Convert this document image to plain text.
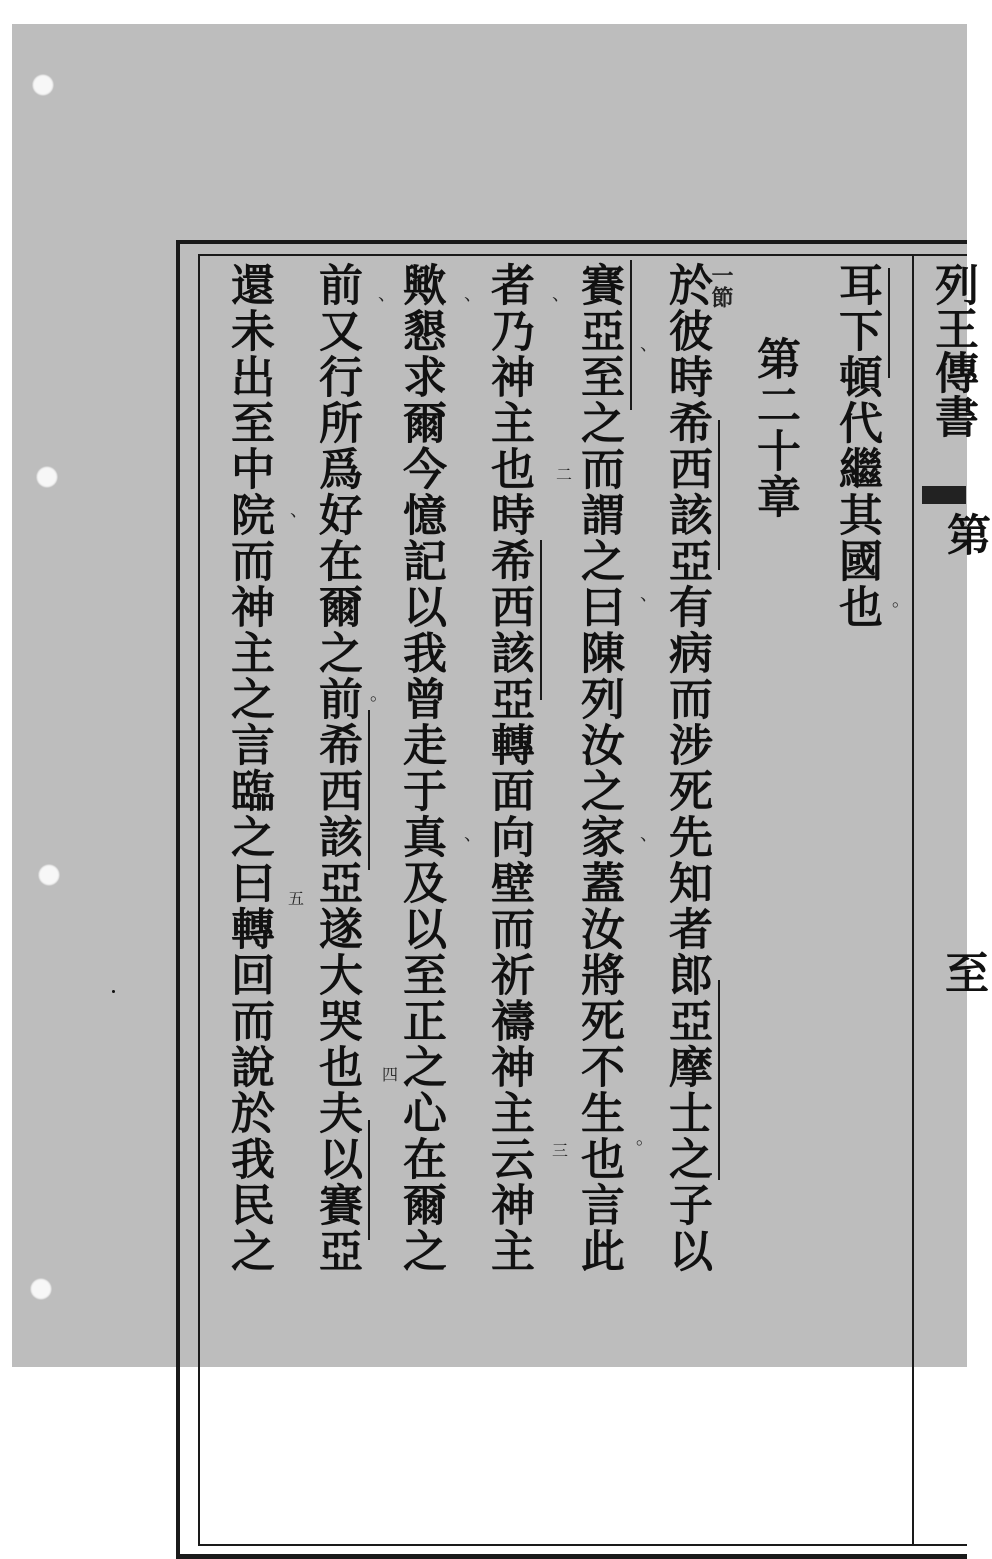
列王傳書
第
至
耳下頓代繼其國也
第二十章
一節
於彼時希西該亞有病而涉死先知者郎亞摩士之子以
賽亞至之而謂之曰陳列汝之家蓋汝將死不生也言此
者乃神主也時希西該亞轉面向壁而祈禱神主云神主
歟懇求爾今憶記以我曾走于真及以至正之心在爾之
前又行所爲好在爾之前希西該亞遂大哭也夫以賽亞
還未出至中院而神主之言臨之曰轉回而說於我民之	二
三
四
五
、
、
、
、
、
、
、
、
。
。
。
